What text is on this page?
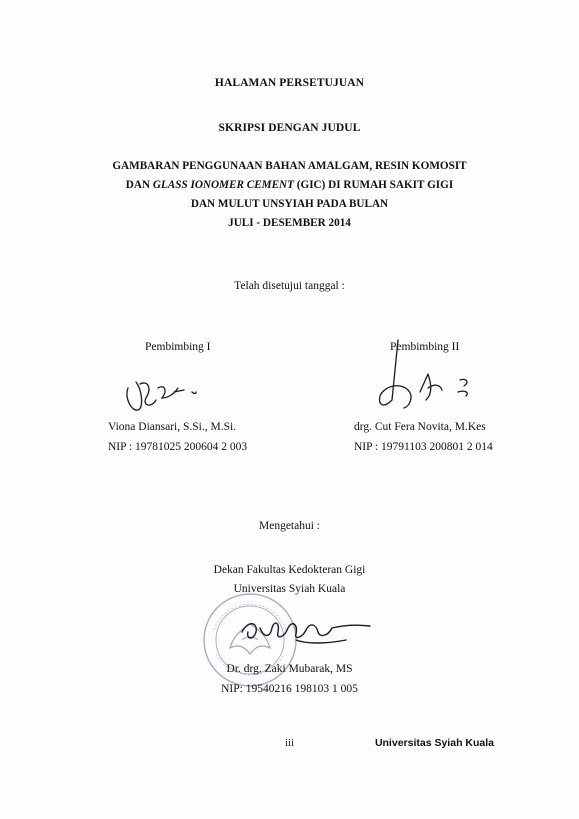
HALAMAN PERSETUJUAN
SKRIPSI DENGAN JUDUL
GAMBARAN PENGGUNAAN BAHAN AMALGAM, RESIN KOMOSIT
DAN GLASS IONOMER CEMENT (GIC) DI RUMAH SAKIT GIGI
DAN MULUT UNSYIAH PADA BULAN
JULI - DESEMBER 2014
Telah disetujui tanggal :
Pembimbing I
Viona Diansari, S.Si., M.Si.
NIP : 19781025 200604 2 003
Pembimbing II
drg. Cut Fera Novita, M.Kes
NIP : 19791103 200801 2 014
Mengetahui :
Dekan Fakultas Kedokteran Gigi
Universitas Syiah Kuala
Dr. drg. Zaki Mubarak, MS
NIP: 19540216 198103 1 005
iii	Universitas Syiah Kuala
